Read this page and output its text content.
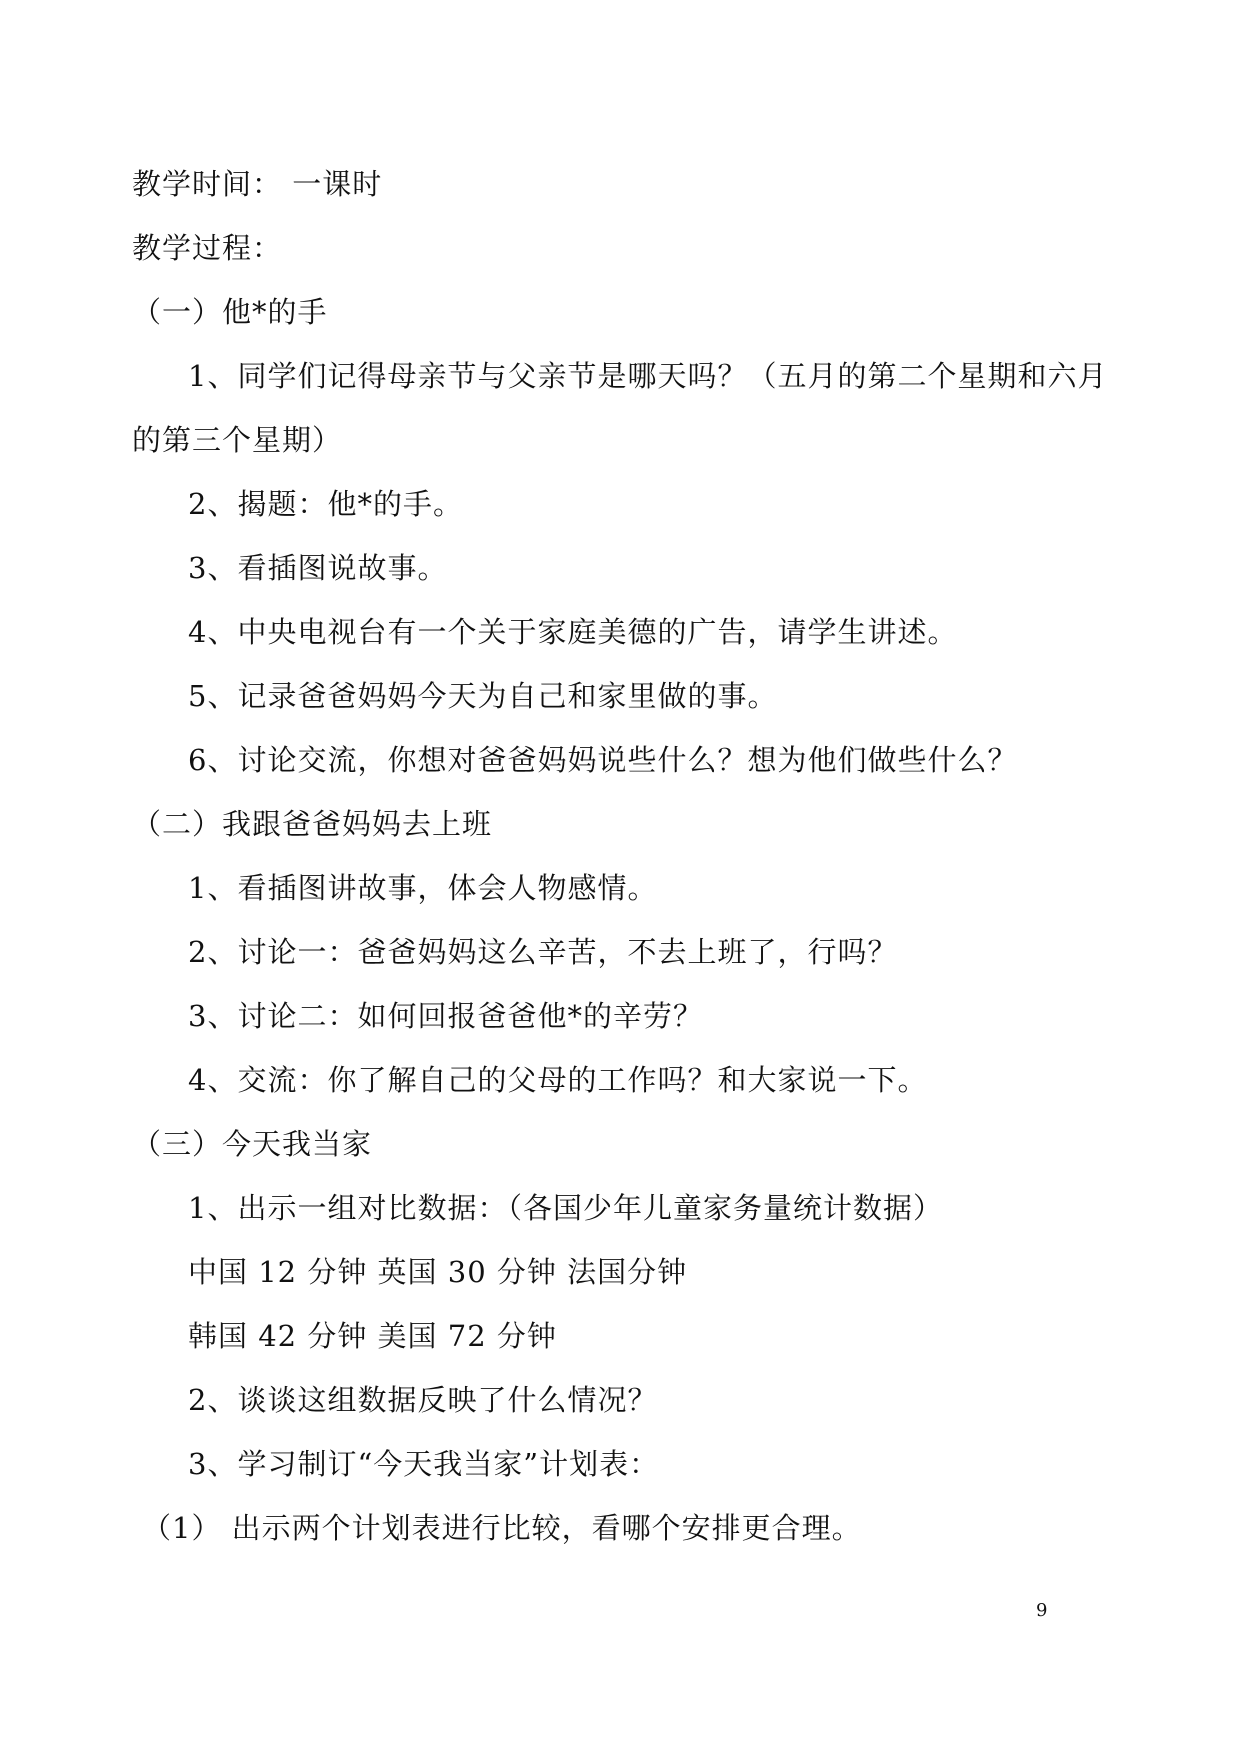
教学时间： 一课时
教学过程：
（一）他*的手
1、同学们记得母亲节与父亲节是哪天吗？（五月的第二个星期和六月
的第三个星期）
2、揭题：他*的手。
3、看插图说故事。
4、中央电视台有一个关于家庭美德的广告，请学生讲述。
5、记录爸爸妈妈今天为自己和家里做的事。
6、讨论交流，你想对爸爸妈妈说些什么？想为他们做些什么？
（二）我跟爸爸妈妈去上班
1、看插图讲故事，体会人物感情。
2、讨论一：爸爸妈妈这么辛苦，不去上班了，行吗？
3、讨论二：如何回报爸爸他*的辛劳？
4、交流：你了解自己的父母的工作吗？和大家说一下。
（三）今天我当家
1、出示一组对比数据：（各国少年儿童家务量统计数据）
中国 12 分钟 英国 30 分钟 法国分钟
韩国 42 分钟 美国 72 分钟
2、谈谈这组数据反映了什么情况？
3、学习制订“今天我当家”计划表：
（1） 出示两个计划表进行比较，看哪个安排更合理。
9
